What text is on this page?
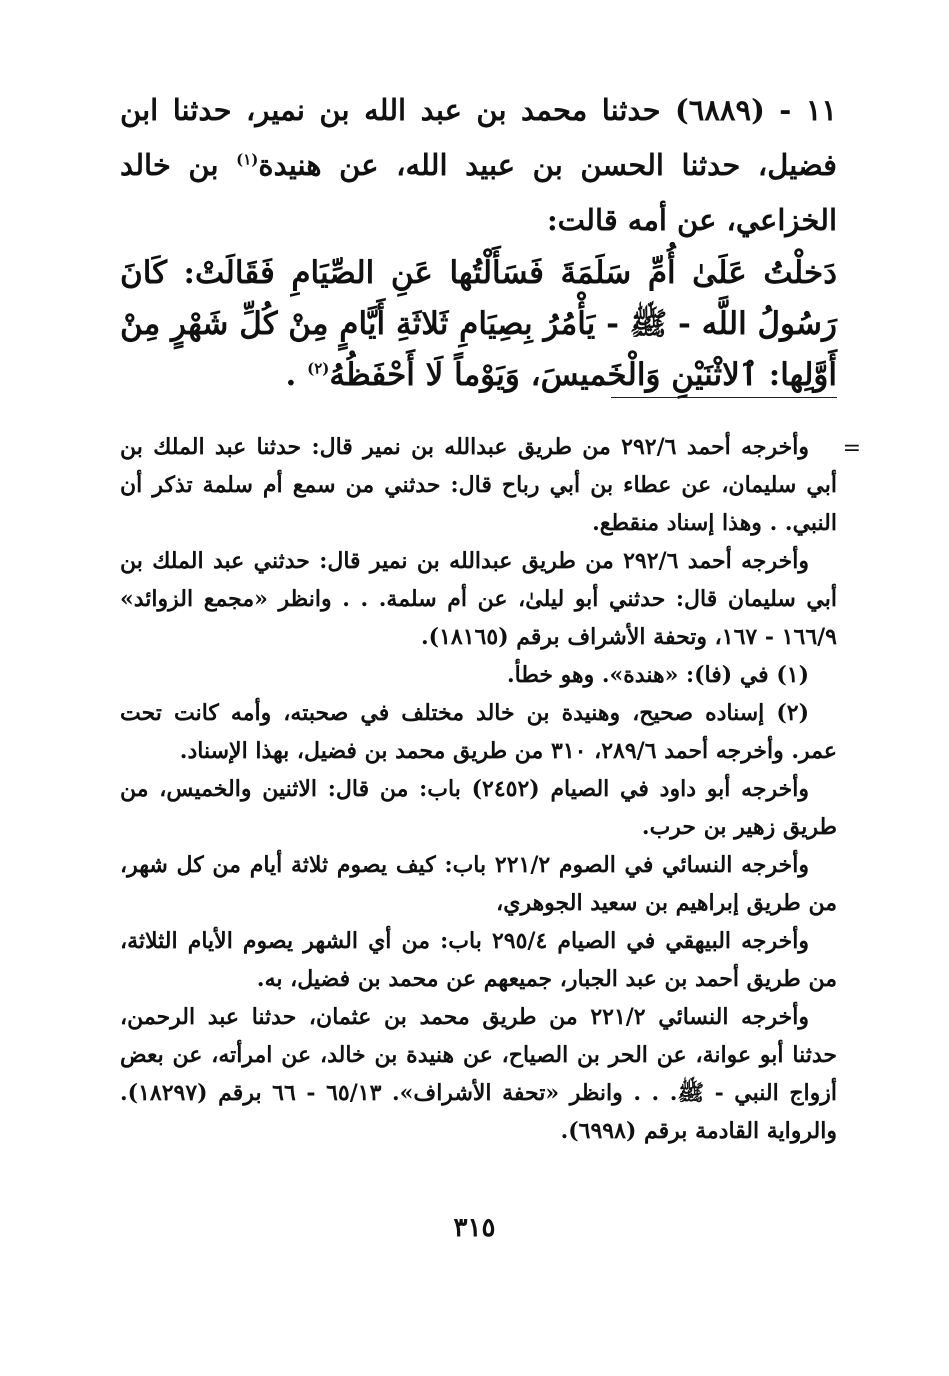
١١ - (٦٨٨٩) حدثنا محمد بن عبد الله بن نمير، حدثنا ابن فضيل، حدثنا الحسن بن عبيد الله، عن هنيدة$^{(١)}$ بن خالد الخزاعي، عن أمه قالت:

دَخلْتُ عَلَىٰ أُمِّ سَلَمَةَ فَسَأَلْتُها عَنِ الصِّيَامِ فَقَالَتْ: كَانَ رَسُولُ اللَّه - ﷺ - يَأْمُرُ بِصِيَامِ ثَلاثَةِ أَيَّامٍ مِنْ كُلِّ شَهْرٍ مِنْ أَوَّلِها: ٱلاثْنَيْنِ وَالْخَميسَ، وَيَوْماً لَا أَحْفَظُهُ$^{(٢)}$ .

=

وأخرجه أحمد ٢٩٢/٦ من طريق عبدالله بن نمير قال: حدثنا عبد الملك بن أبي سليمان، عن عطاء بن أبي رباح قال: حدثني من سمع أم سلمة تذكر أن النبي. . وهذا إسناد منقطع.

وأخرجه أحمد ٢٩٢/٦ من طريق عبدالله بن نمير قال: حدثني عبد الملك بن أبي سليمان قال: حدثني أبو ليلىٰ، عن أم سلمة. . . وانظر «مجمع الزوائد» ١٦٦/٩ - ١٦٧، وتحفة الأشراف برقم (١٨١٦٥).

(١) في (فا): «هندة». وهو خطأ.

(٢) إسناده صحيح، وهنيدة بن خالد مختلف في صحبته، وأمه كانت تحت عمر. وأخرجه أحمد ٢٨٩/٦، ٣١٠ من طريق محمد بن فضيل، بهذا الإسناد.

وأخرجه أبو داود في الصيام (٢٤٥٢) باب: من قال: الاثنين والخميس، من طريق زهير بن حرب.

وأخرجه النسائي في الصوم ٢٢١/٢ باب: كيف يصوم ثلاثة أيام من كل شهر، من طريق إبراهيم بن سعيد الجوهري،

وأخرجه البيهقي في الصيام ٢٩٥/٤ باب: من أي الشهر يصوم الأيام الثلاثة، من طريق أحمد بن عبد الجبار، جميعهم عن محمد بن فضيل، به.

وأخرجه النسائي ٢٢١/٢ من طريق محمد بن عثمان، حدثنا عبد الرحمن، حدثنا أبو عوانة، عن الحر بن الصياح، عن هنيدة بن خالد، عن امرأته، عن بعض أزواج النبي - ﷺ. . . وانظر «تحفة الأشراف». ٦٥/١٣ - ٦٦ برقم (١٨٢٩٧). والرواية القادمة برقم (٦٩٩٨).

٣١٥
